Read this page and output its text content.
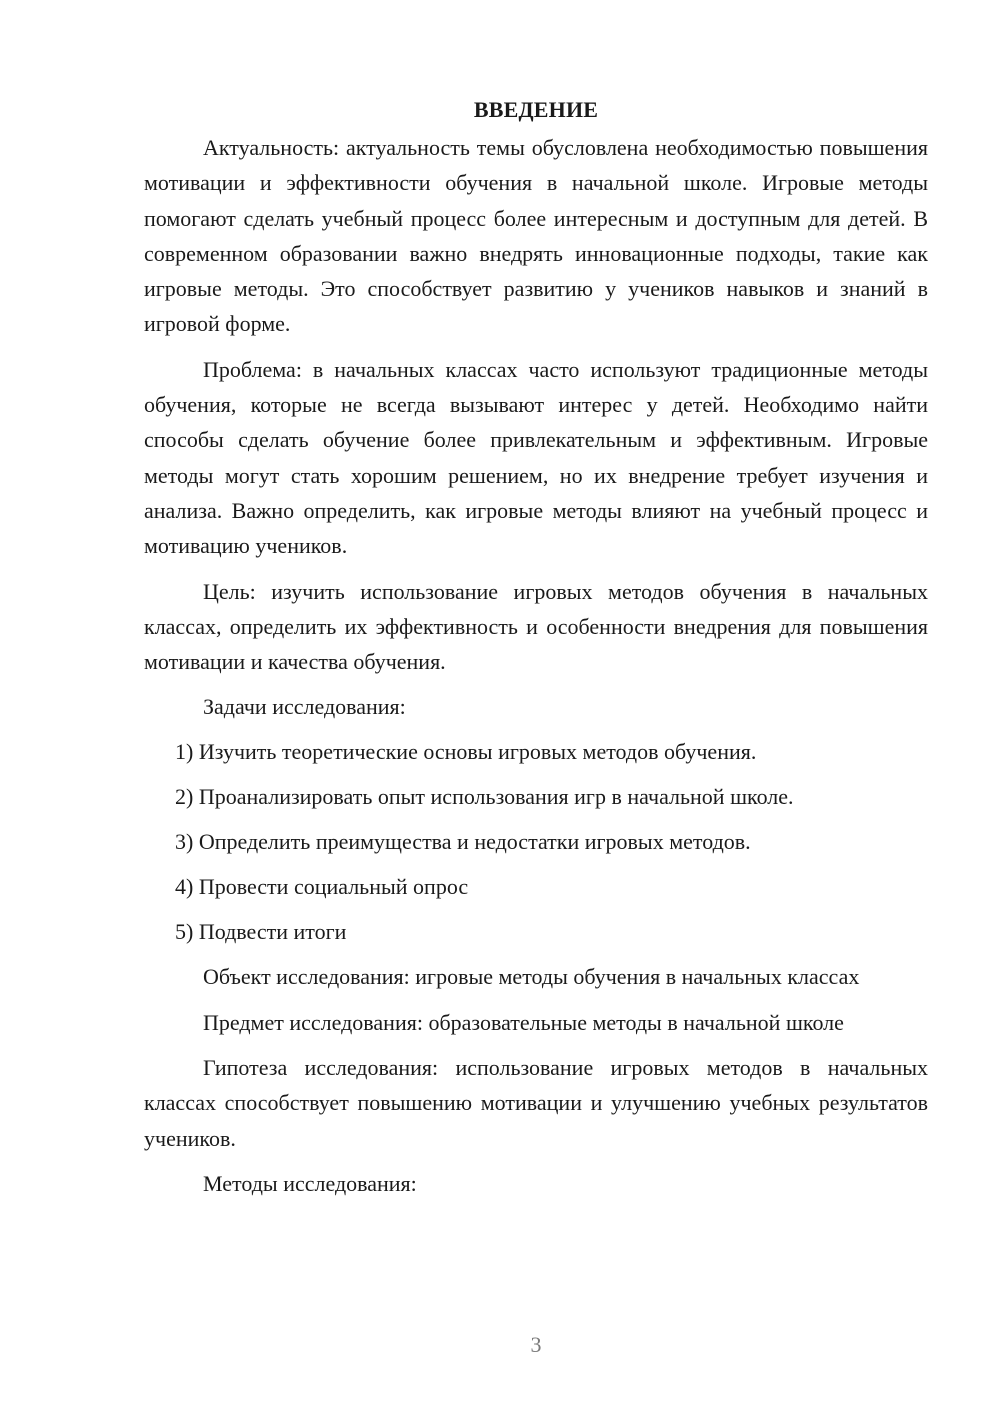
ВВЕДЕНИЕ

Актуальность: актуальность темы обусловлена необходимостью повышения мотивации и эффективности обучения в начальной школе. Игровые методы помогают сделать учебный процесс более интересным и доступным для детей. В современном образовании важно внедрять инновационные подходы, такие как игровые методы. Это способствует развитию у учеников навыков и знаний в игровой форме.

Проблема: в начальных классах часто используют традиционные методы обучения, которые не всегда вызывают интерес у детей. Необходимо найти способы сделать обучение более привлекательным и эффективным. Игровые методы могут стать хорошим решением, но их внедрение требует изучения и анализа. Важно определить, как игровые методы влияют на учебный процесс и мотивацию учеников.

Цель: изучить использование игровых методов обучения в начальных классах, определить их эффективность и особенности внедрения для повышения мотивации и качества обучения.

Задачи исследования:

1) Изучить теоретические основы игровых методов обучения.
2) Проанализировать опыт использования игр в начальной школе.
3) Определить преимущества и недостатки игровых методов.
4) Провести социальный опрос
5) Подвести итоги

Объект исследования: игровые методы обучения в начальных классах

Предмет исследования: образовательные методы в начальной школе

Гипотеза исследования: использование игровых методов в начальных классах способствует повышению мотивации и улучшению учебных результатов учеников.

Методы исследования:

3
